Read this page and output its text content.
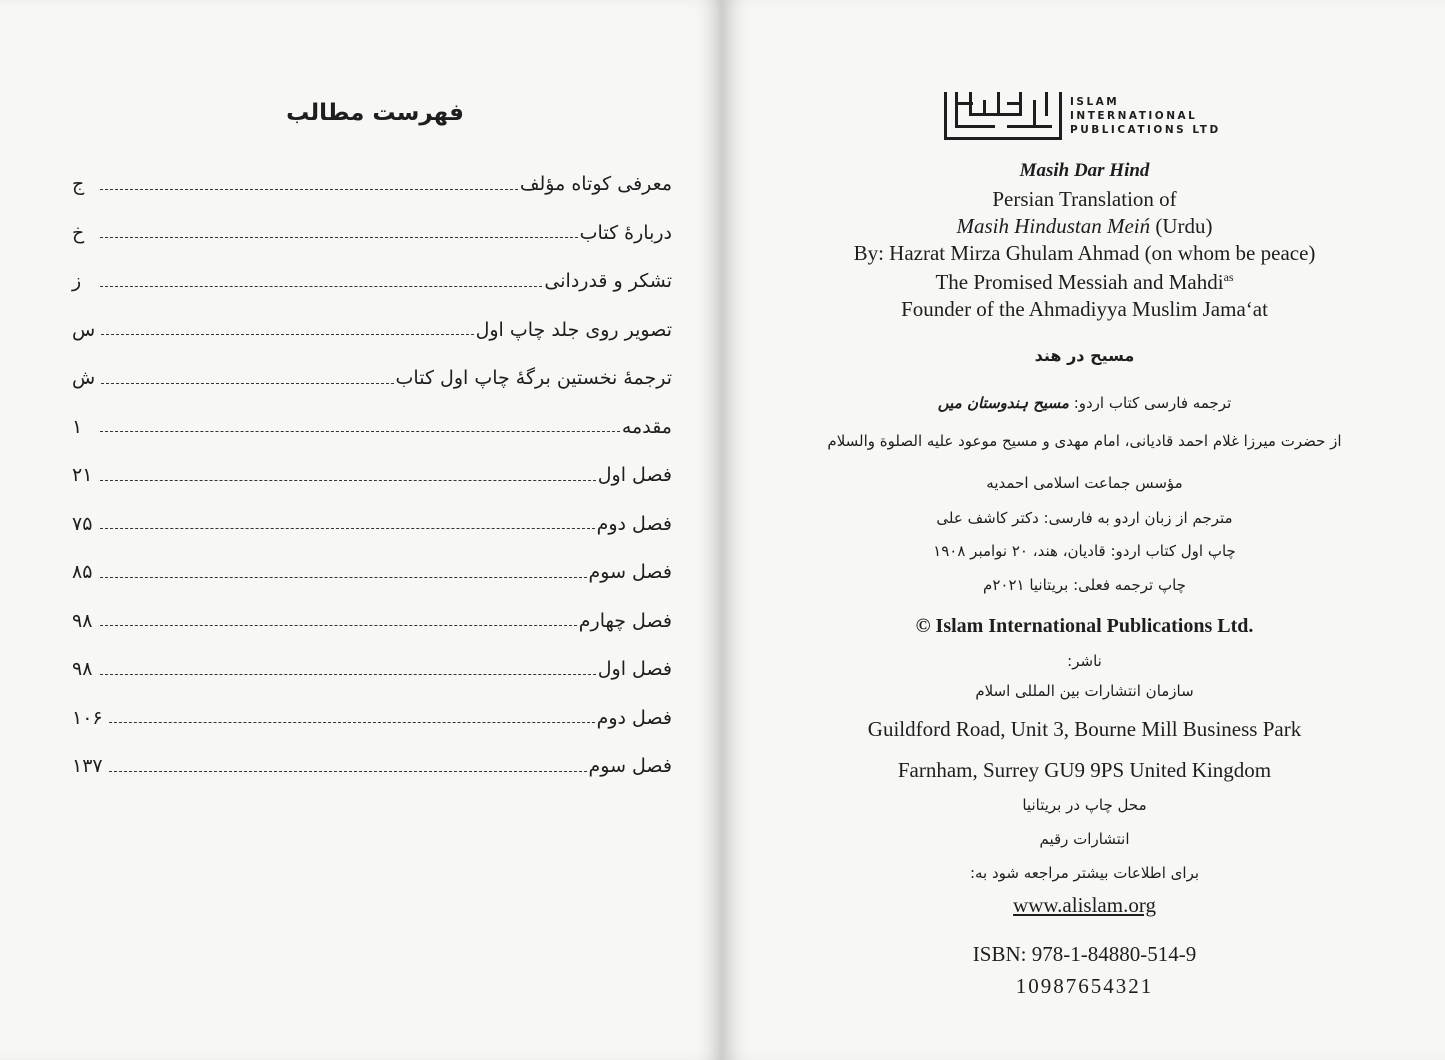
فهرست مطالب
معرفی کوتاه مؤلف
ج
دربارهٔ کتاب
خ
تشکر و قدردانی
ز
تصویر روی جلد چاپ اول
س
ترجمهٔ نخستین برگهٔ چاپ اول کتاب
ش
مقدمه
۱
فصل اول
۲۱
فصل دوم
۷۵
فصل سوم
۸۵
فصل چهارم
۹۸
فصل اول
۹۸
فصل دوم
۱۰۶
فصل سوم
۱۳۷
ISLAM
INTERNATIONAL
PUBLICATIONS LTD
Masih Dar Hind
Persian Translation of
Masih Hindustan Meiń (Urdu)
By: Hazrat Mirza Ghulam Ahmad (on whom be peace)
The Promised Messiah and Mahdi$^{as}$
Founder of the Ahmadiyya Muslim Jama‘at
مسیح در هند
ترجمه فارسی کتاب اردو: مسیح ہندوستان میں
از حضرت میرزا غلام احمد قادیانی، امام مهدی و مسیح موعود علیه الصلوة والسلام
مؤسس جماعت اسلامی احمدیه
مترجم از زبان اردو به فارسی: دکتر کاشف علی
چاپ اول کتاب اردو: قادیان، هند، ۲۰ نوامبر ۱۹۰۸
چاپ ترجمه فعلی: بریتانیا ۲۰۲۱م
© Islam International Publications Ltd.
ناشر:
سازمان انتشارات بین المللی اسلام
Guildford Road, Unit 3, Bourne Mill Business Park
Farnham, Surrey GU9 9PS United Kingdom
محل چاپ در بریتانیا
انتشارات رقیم
برای اطلاعات بیشتر مراجعه شود به:
www.alislam.org
ISBN: 978-1-84880-514-9
10987654321
